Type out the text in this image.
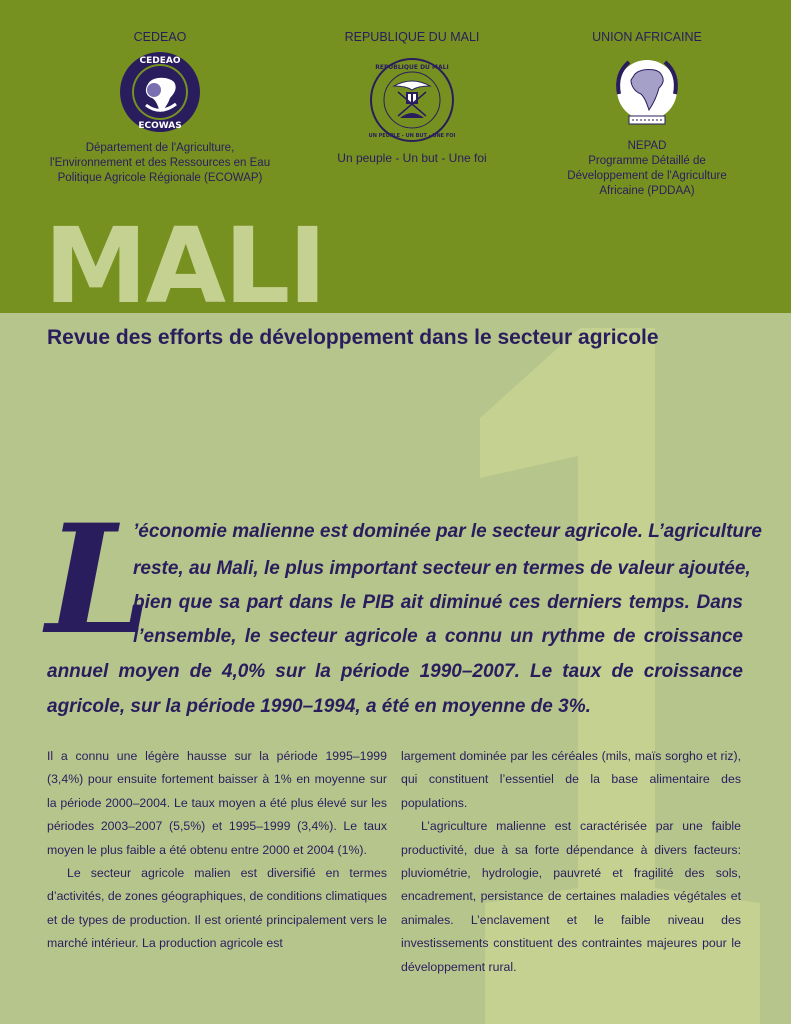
CEDEAO
CEDEAO
ECOWAS
Département de l'Agriculture,
l'Environnement et des Ressources en Eau
Politique Agricole Régionale (ECOWAP)
REPUBLIQUE DU MALI
REPUBLIQUE DU MALI
UN PEUPLE - UN BUT - UNE FOI
Un peuple - Un but - Une foi
UNION AFRICAINE
NEPAD
Programme Détaillé de
Développement de l'Agriculture
Africaine (PDDAA)
MALI
Revue des efforts de développement dans le secteur agricole
L
’économie malienne est dominée par le secteur agricole. L’agriculture
reste, au Mali, le plus important secteur en termes de valeur ajoutée,
bien que sa part dans le PIB ait diminué ces derniers temps. Dans
l’ensemble, le secteur agricole a connu un rythme de croissance
annuel moyen de 4,0% sur la période 1990–2007. Le taux de croissance
agricole, sur la période 1990–1994, a été en moyenne de 3%.

Il a connu une légère hausse sur la période 1995–1999 (3,4%) pour ensuite fortement baisser à 1% en moyenne sur la période 2000–2004. Le taux moyen a été plus élevé sur les périodes 2003–2007 (5,5%) et 1995–1999 (3,4%). Le taux moyen le plus faible a été obtenu entre 2000 et 2004 (1%).

Le secteur agricole malien est diversifié en termes d’activités, de zones géographiques, de conditions climatiques et de types de production. Il est orienté principalement vers le marché intérieur. La production agricole est

largement dominée par les céréales (mils, maïs sorgho et riz), qui constituent l’essentiel de la base alimentaire des populations.

L’agriculture malienne est caractérisée par une faible productivité, due à sa forte dépendance à divers facteurs: pluviométrie, hydrologie, pauvreté et fragilité des sols, encadrement, persistance de certaines maladies végétales et animales. L’enclavement et le faible niveau des investissements constituent des contraintes majeures pour le développement rural.
